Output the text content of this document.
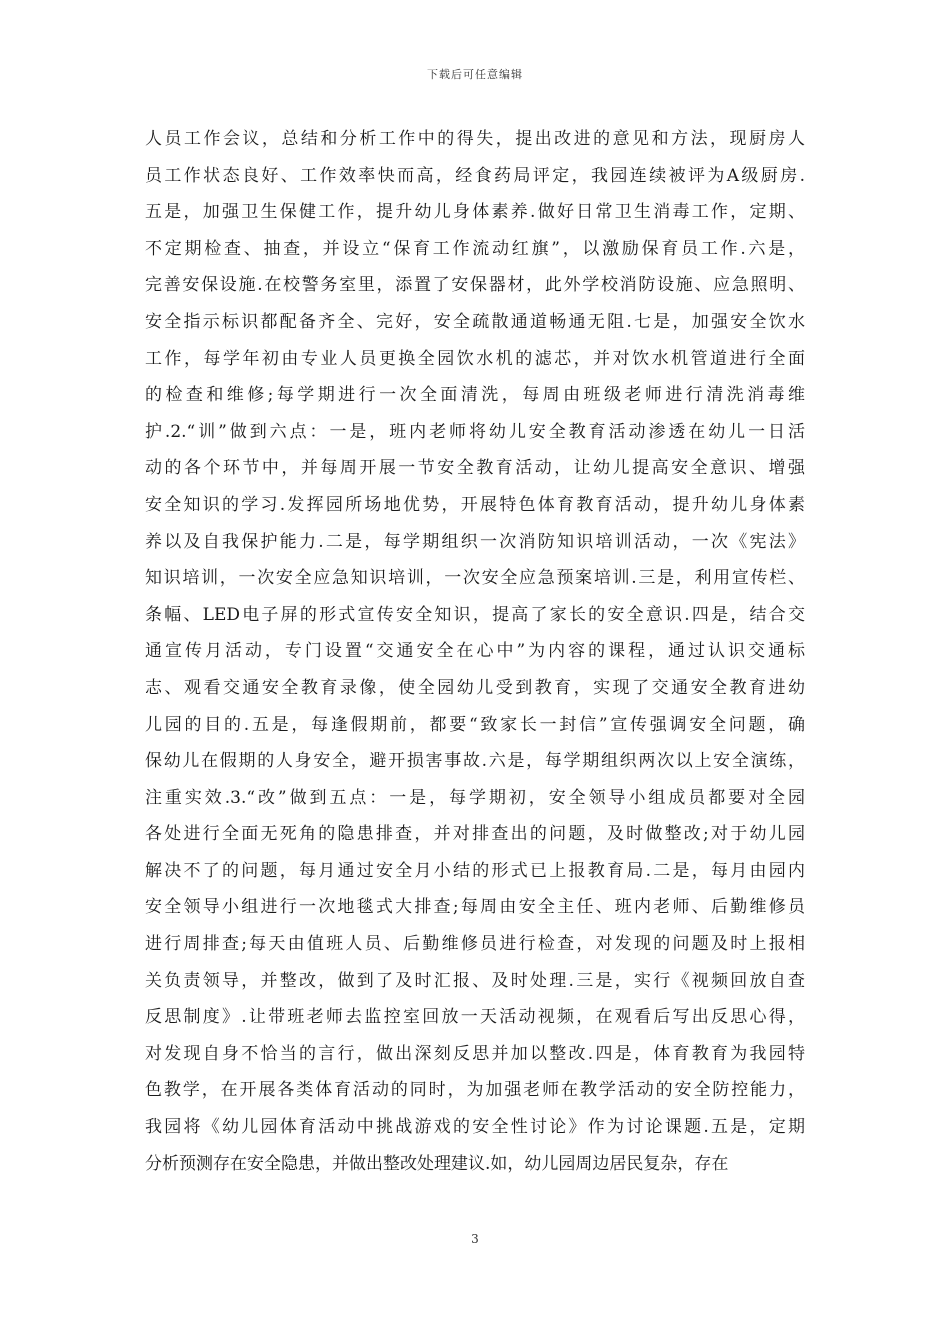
下载后可任意编辑
人员工作会议，总结和分析工作中的得失，提出改进的意见和方法，现厨房人
员工作状态良好、工作效率快而高，经食药局评定，我园连续被评为A级厨房.
五是，加强卫生保健工作，提升幼儿身体素养.做好日常卫生消毒工作，定期、
不定期检查、抽查，并设立“保育工作流动红旗”，以激励保育员工作.六是，
完善安保设施.在校警务室里，添置了安保器材，此外学校消防设施、应急照明、
安全指示标识都配备齐全、完好，安全疏散通道畅通无阻.七是，加强安全饮水
工作，每学年初由专业人员更换全园饮水机的滤芯，并对饮水机管道进行全面
的检查和维修;每学期进行一次全面清洗，每周由班级老师进行清洗消毒维
护.2.“训”做到六点：一是，班内老师将幼儿安全教育活动渗透在幼儿一日活
动的各个环节中，并每周开展一节安全教育活动，让幼儿提高安全意识、增强
安全知识的学习.发挥园所场地优势，开展特色体育教育活动，提升幼儿身体素
养以及自我保护能力.二是，每学期组织一次消防知识培训活动，一次《宪法》
知识培训，一次安全应急知识培训，一次安全应急预案培训.三是，利用宣传栏、
条幅、LED电子屏的形式宣传安全知识，提高了家长的安全意识.四是，结合交
通宣传月活动，专门设置“交通安全在心中”为内容的课程，通过认识交通标
志、观看交通安全教育录像，使全园幼儿受到教育，实现了交通安全教育进幼
儿园的目的.五是，每逢假期前，都要“致家长一封信”宣传强调安全问题，确
保幼儿在假期的人身安全，避开损害事故.六是，每学期组织两次以上安全演练，
注重实效.3.“改”做到五点：一是，每学期初，安全领导小组成员都要对全园
各处进行全面无死角的隐患排查，并对排查出的问题，及时做整改;对于幼儿园
解决不了的问题，每月通过安全月小结的形式已上报教育局.二是，每月由园内
安全领导小组进行一次地毯式大排查;每周由安全主任、班内老师、后勤维修员
进行周排查;每天由值班人员、后勤维修员进行检查，对发现的问题及时上报相
关负责领导，并整改，做到了及时汇报、及时处理.三是，实行《视频回放自查
反思制度》.让带班老师去监控室回放一天活动视频，在观看后写出反思心得，
对发现自身不恰当的言行，做出深刻反思并加以整改.四是，体育教育为我园特
色教学，在开展各类体育活动的同时，为加强老师在教学活动的安全防控能力，
我园将《幼儿园体育活动中挑战游戏的安全性讨论》作为讨论课题.五是，定期
分析预测存在安全隐患，并做出整改处理建议.如，幼儿园周边居民复杂，存在
3
